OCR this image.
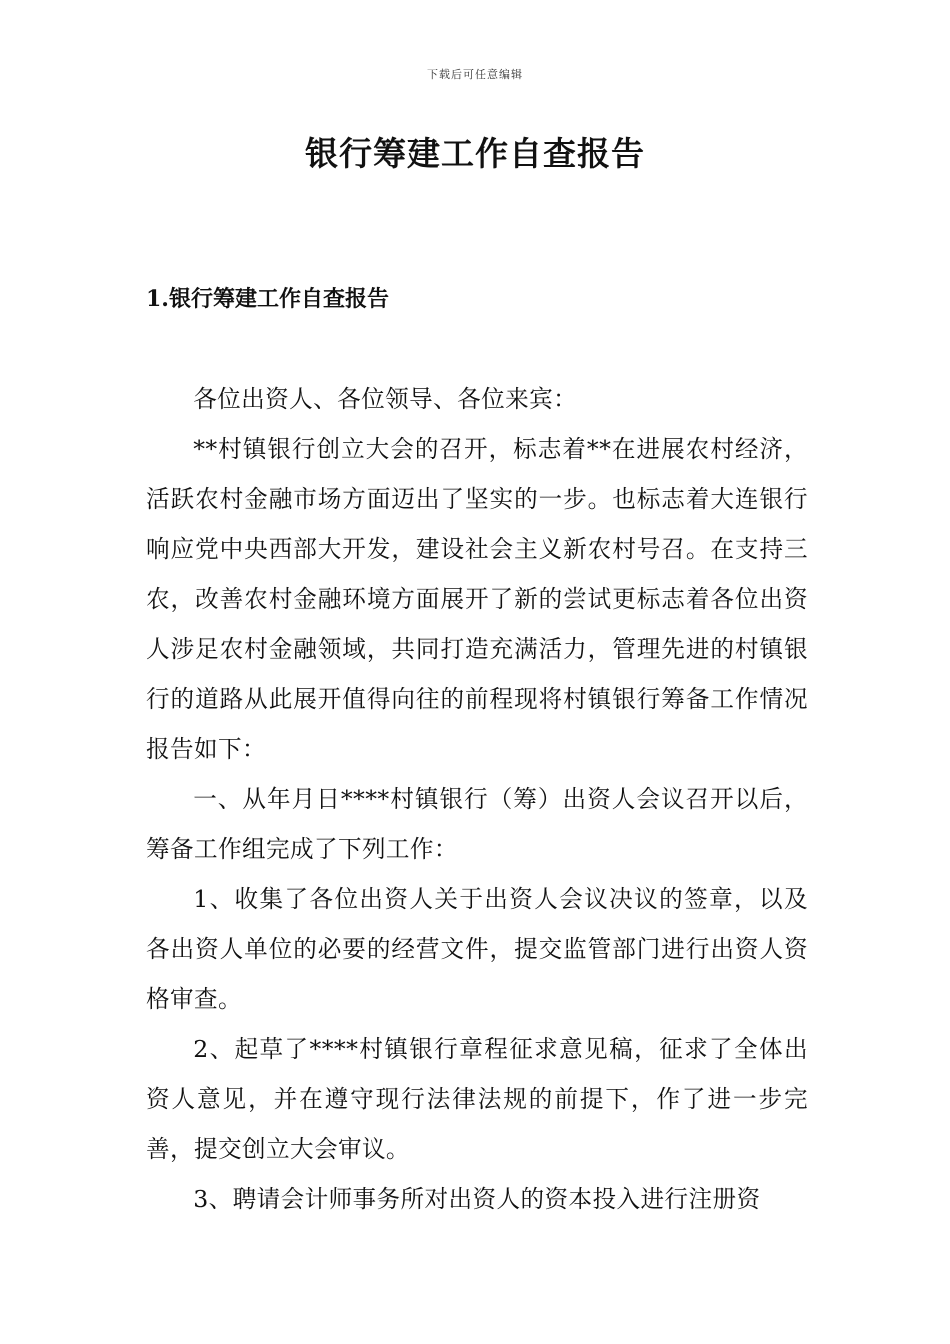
下载后可任意编辑
银行筹建工作自查报告
1.银行筹建工作自查报告

各位出资人、各位领导、各位来宾：

**村镇银行创立大会的召开，标志着**在进展农村经济，活跃农村金融市场方面迈出了坚实的一步。也标志着大连银行响应党中央西部大开发，建设社会主义新农村号召。在支持三农，改善农村金融环境方面展开了新的尝试更标志着各位出资人涉足农村金融领域，共同打造充满活力，管理先进的村镇银行的道路从此展开值得向往的前程现将村镇银行筹备工作情况报告如下：

一、从年月日****村镇银行（筹）出资人会议召开以后，筹备工作组完成了下列工作：

1、收集了各位出资人关于出资人会议决议的签章，以及各出资人单位的必要的经营文件，提交监管部门进行出资人资格审查。

2、起草了****村镇银行章程征求意见稿，征求了全体出资人意见，并在遵守现行法律法规的前提下，作了进一步完善，提交创立大会审议。

3、聘请会计师事务所对出资人的资本投入进行注册资
